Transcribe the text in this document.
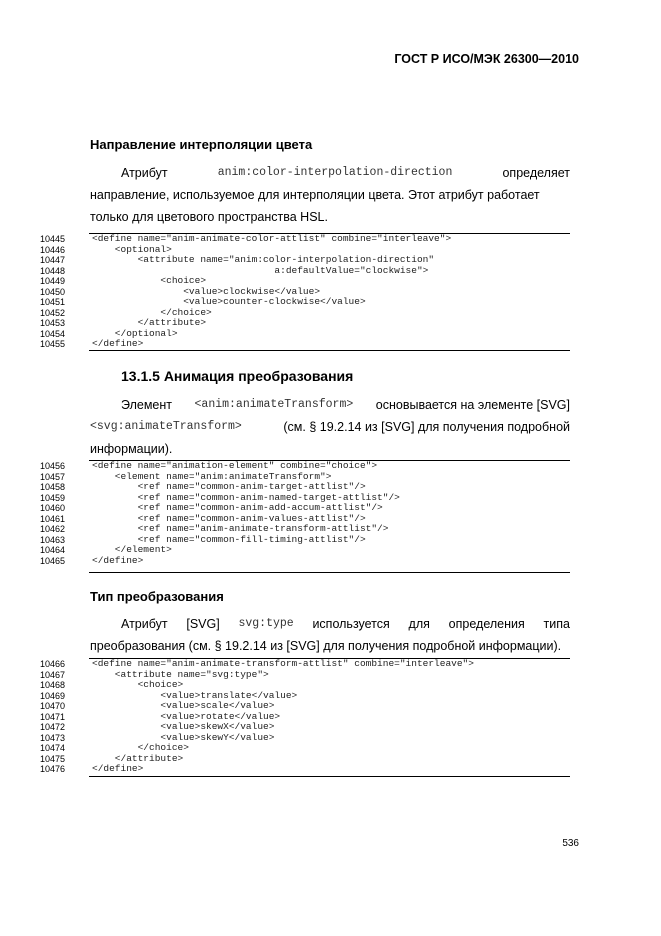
ГОСТ Р ИСО/МЭК 26300—2010
Направление интерполяции цвета
Атрибут	anim:color-interpolation-direction	определяет
направление, используемое для интерполяции цвета. Этот атрибут работает
только для цветового пространства HSL.
10445	<define name="anim-animate-color-attlist" combine="interleave">
10446	<optional>
10447	<attribute name="anim:color-interpolation-direction"
10448	a:defaultValue="clockwise">
10449	<choice>
10450	<value>clockwise</value>
10451	<value>counter-clockwise</value>
10452	</choice>
10453	</attribute>
10454	</optional>
10455	</define>
13.1.5 Анимация преобразования
Элемент <anim:animateTransform> основывается на элементе [SVG]
<svg:animateTransform>	(см. § 19.2.14 из [SVG] для получения подробной
информации).
10456	<define name="animation-element" combine="choice">
10457	<element name="anim:animateTransform">
10458	<ref name="common-anim-target-attlist"/>
10459	<ref name="common-anim-named-target-attlist"/>
10460	<ref name="common-anim-add-accum-attlist"/>
10461	<ref name="common-anim-values-attlist"/>
10462	<ref name="anim-animate-transform-attlist"/>
10463	<ref name="common-fill-timing-attlist"/>
10464	</element>
10465	</define>
Тип преобразования
Атрибут [SVG] svg:type используется для определения типа
преобразования (см. § 19.2.14 из [SVG] для получения подробной информации).
10466	<define name="anim-animate-transform-attlist" combine="interleave">
10467	<attribute name="svg:type">
10468	<choice>
10469	<value>translate</value>
10470	<value>scale</value>
10471	<value>rotate</value>
10472	<value>skewX</value>
10473	<value>skewY</value>
10474	</choice>
10475	</attribute>
10476	</define>
536
